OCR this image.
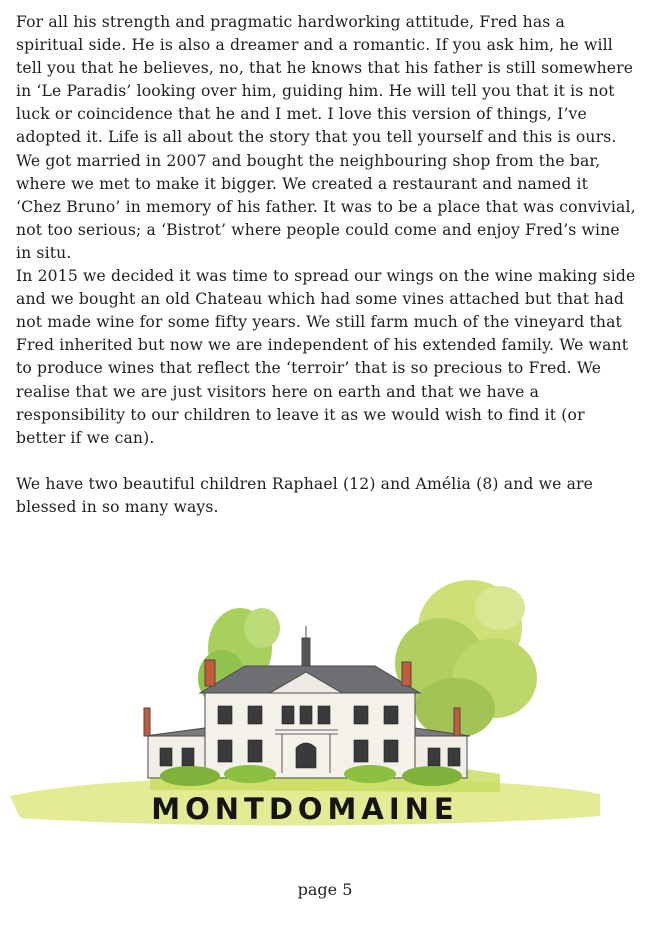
For all his strength and pragmatic hardworking attitude, Fred has a spiritual side. He is also a dreamer and a romantic. If you ask him, he will tell you that he believes, no, that he knows that his father is still somewhere in ‘Le Paradis’ looking over him, guiding him. He will tell you that it is not luck or coincidence that he and I met. I love this version of things, I’ve adopted it. Life is all about the story that you tell yourself and this is ours.

We got married in 2007 and bought the neighbouring shop from the bar, where we met to make it bigger. We created a restaurant and named it ‘Chez Bruno’ in memory of his father. It was to be a place that was convivial, not too serious; a ‘Bistrot’ where people could come and enjoy Fred’s wine in situ.

In 2015 we decided it was time to spread our wings on the wine making side and we bought an old Chateau which had some vines attached but that had not made wine for some fifty years. We still farm much of the vineyard that Fred inherited but now we are independent of his extended family. We want to produce wines that reflect the ‘terroir’ that is so precious to Fred. We realise that we are just visitors here on earth and that we have a responsibility to our children to leave it as we would wish to find it (or better if we can).

We have two beautiful children Raphael (12) and Amélia (8) and we are blessed in so many ways.

MONTDOMAINE
page 5
